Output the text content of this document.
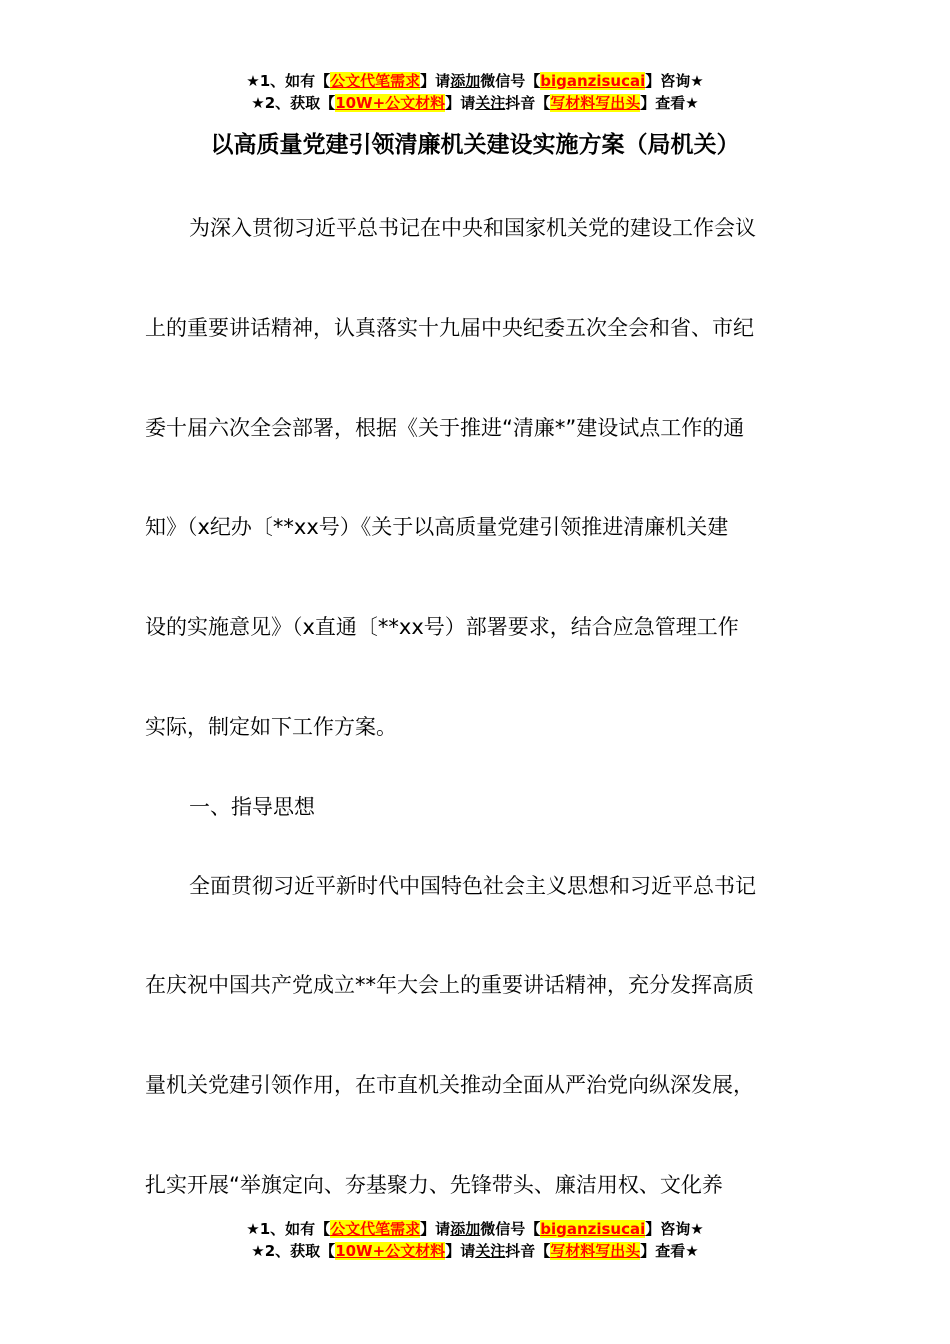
★1、如有【公文代笔需求】请添加微信号【biganzisucai】咨询★
★2、获取【10W+公文材料】请关注抖音【写材料写出头】查看★
以高质量党建引领清廉机关建设实施方案（局机关）
为深入贯彻习近平总书记在中央和国家机关党的建设工作会议
上的重要讲话精神，认真落实十九届中央纪委五次全会和省、市纪
委十届六次全会部署，根据《关于推进“清廉*”建设试点工作的通
知》（x纪办〔**xx号）《关于以高质量党建引领推进清廉机关建
设的实施意见》（x直通〔**xx号）部署要求，结合应急管理工作
实际，制定如下工作方案。
一、指导思想
全面贯彻习近平新时代中国特色社会主义思想和习近平总书记
在庆祝中国共产党成立**年大会上的重要讲话精神，充分发挥高质
量机关党建引领作用，在市直机关推动全面从严治党向纵深发展，
扎实开展“举旗定向、夯基聚力、先锋带头、廉洁用权、文化养
★1、如有【公文代笔需求】请添加微信号【biganzisucai】咨询★
★2、获取【10W+公文材料】请关注抖音【写材料写出头】查看★
